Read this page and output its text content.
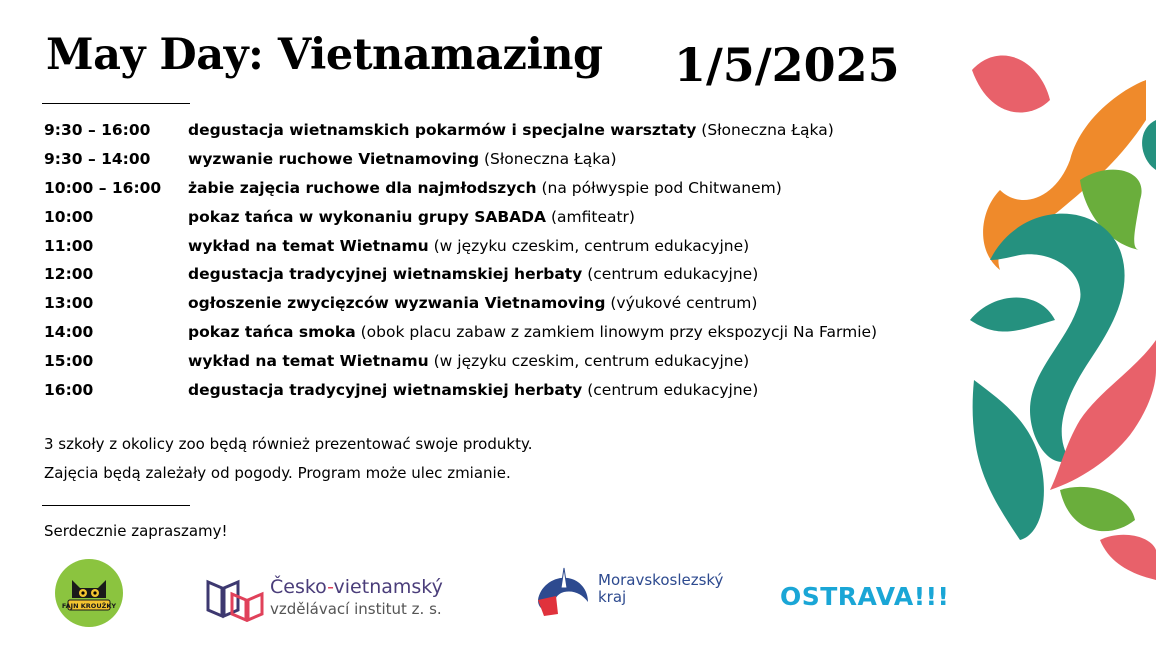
May Day: Vietnamazing 1/5/2025
9:30 – 16:00	degustacja wietnamskich pokarmów i specjalne warsztaty (Słoneczna Łąka)
9:30 – 14:00	wyzwanie ruchowe Vietnamoving (Słoneczna Łąka)
10:00 – 16:00	żabie zajęcia ruchowe dla najmłodszych (na półwyspie pod Chitwanem)
10:00	pokaz tańca w wykonaniu grupy SABADA (amfiteatr)
11:00	wykład na temat Wietnamu (w języku czeskim, centrum edukacyjne)
12:00	degustacja tradycyjnej wietnamskiej herbaty (centrum edukacyjne)
13:00	ogłoszenie zwycięzców wyzwania Vietnamoving (výukové centrum)
14:00	pokaz tańca smoka (obok placu zabaw z zamkiem linowym przy ekspozycji Na Farmie)
15:00	wykład na temat Wietnamu (w języku czeskim, centrum edukacyjne)
16:00	degustacja tradycyjnej wietnamskiej herbaty (centrum edukacyjne)
3 szkoły z okolicy zoo będą również prezentować swoje produkty.
Zajęcia będą zależały od pogody. Program może ulec zmianie.
Serdecznie zapraszamy!
FAJN KROUŽKY
Česko-vietnamský
vzdělávací institut z. s.
Moravskoslezský
kraj	OSTRAVA!!!
